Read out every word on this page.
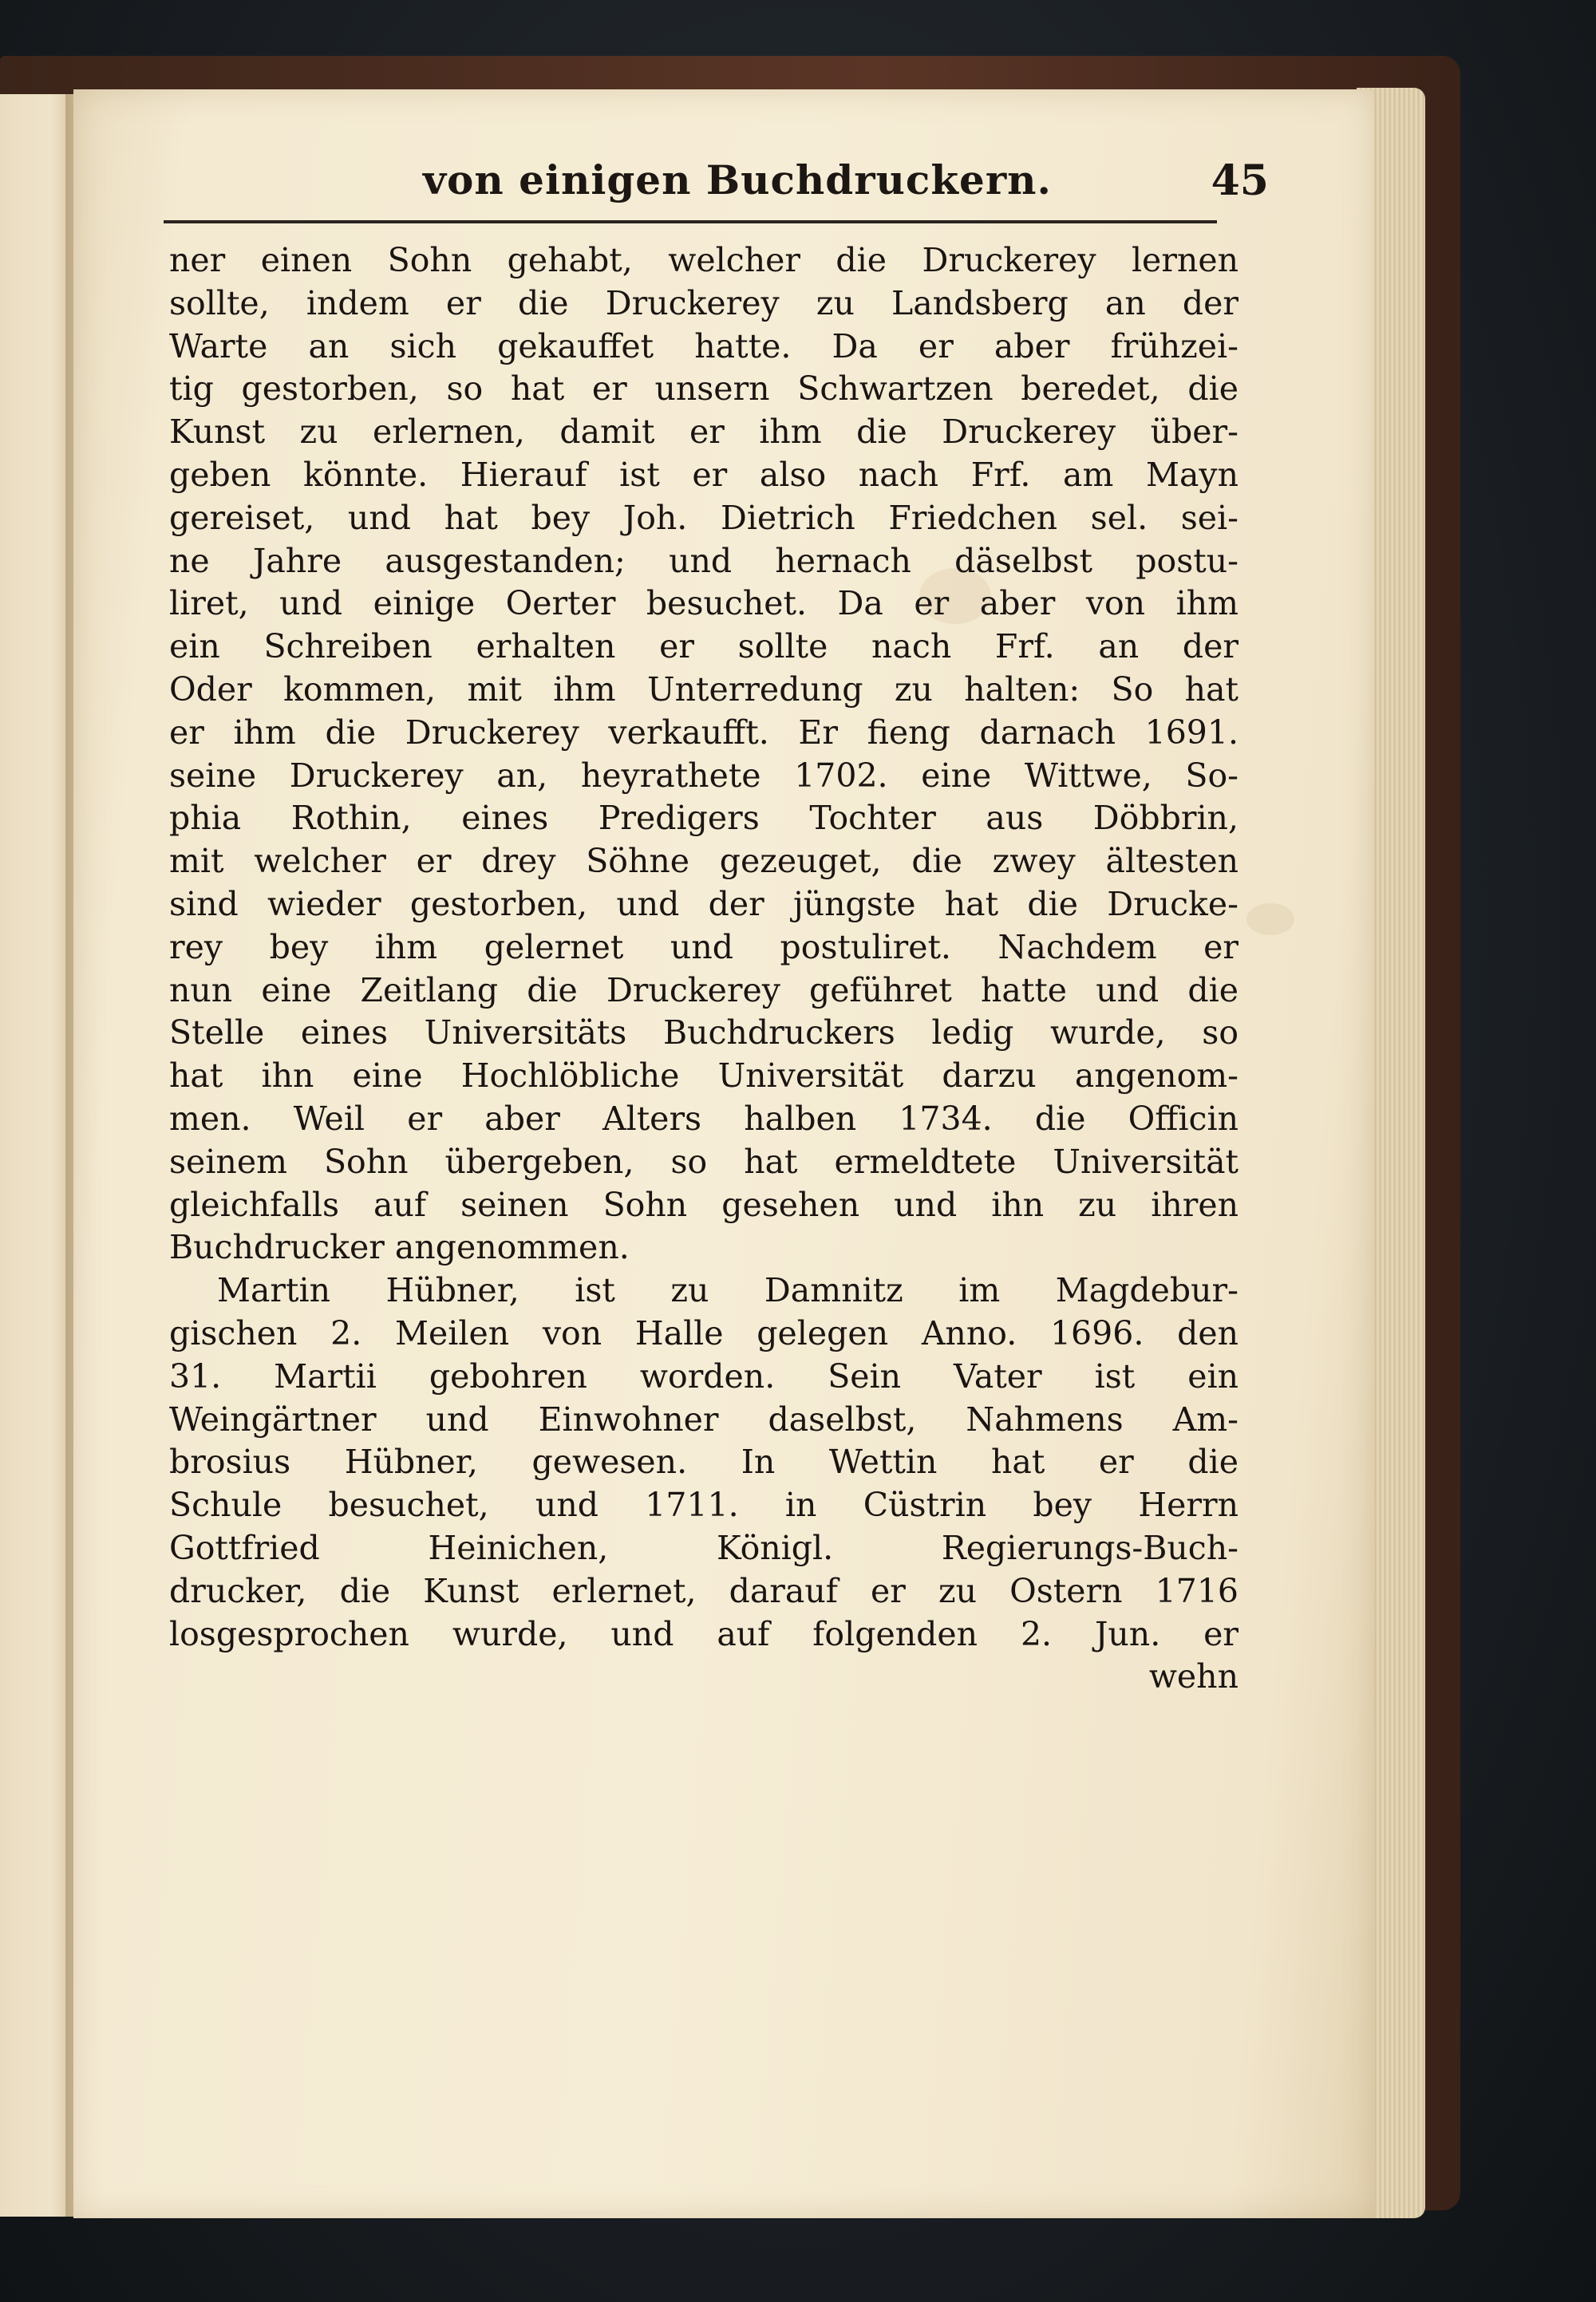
von einigen Buchdruckern.	45
ner einen Sohn gehabt, welcher die Druckerey lernen
sollte, indem er die Druckerey zu Landsberg an der
Warte an sich gekauffet hatte. Da er aber frühzei-
tig gestorben, so hat er unsern Schwartzen beredet, die
Kunst zu erlernen, damit er ihm die Druckerey über-
geben könnte. Hierauf ist er also nach Frf. am Mayn
gereiset, und hat bey Joh. Dietrich Friedchen sel. sei-
ne Jahre ausgestanden; und hernach däselbst postu-
liret, und einige Oerter besuchet. Da er aber von ihm
ein Schreiben erhalten er sollte nach Frf. an der
Oder kommen, mit ihm Unterredung zu halten: So hat
er ihm die Druckerey verkaufft. Er fieng darnach 1691.
seine Druckerey an, heyrathete 1702. eine Wittwe, So-
phia Rothin, eines Predigers Tochter aus Döbbrin,
mit welcher er drey Söhne gezeuget, die zwey ältesten
sind wieder gestorben, und der jüngste hat die Drucke-
rey bey ihm gelernet und postuliret. Nachdem er
nun eine Zeitlang die Druckerey geführet hatte und die
Stelle eines Universitäts Buchdruckers ledig wurde, so
hat ihn eine Hochlöbliche Universität darzu angenom-
men. Weil er aber Alters halben 1734. die Officin
seinem Sohn übergeben, so hat ermeldtete Universität
gleichfalls auf seinen Sohn gesehen und ihn zu ihren
Buchdrucker angenommen.
Martin Hübner, ist zu Damnitz im Magdebur-
gischen 2. Meilen von Halle gelegen Anno. 1696. den
31. Martii gebohren worden. Sein Vater ist ein
Weingärtner und Einwohner daselbst, Nahmens Am-
brosius Hübner, gewesen. In Wettin hat er die
Schule besuchet, und 1711. in Cüstrin bey Herrn
Gottfried Heinichen, Königl. Regierungs-Buch-
drucker, die Kunst erlernet, darauf er zu Ostern 1716
losgesprochen wurde, und auf folgenden 2. Jun. er
wehn
